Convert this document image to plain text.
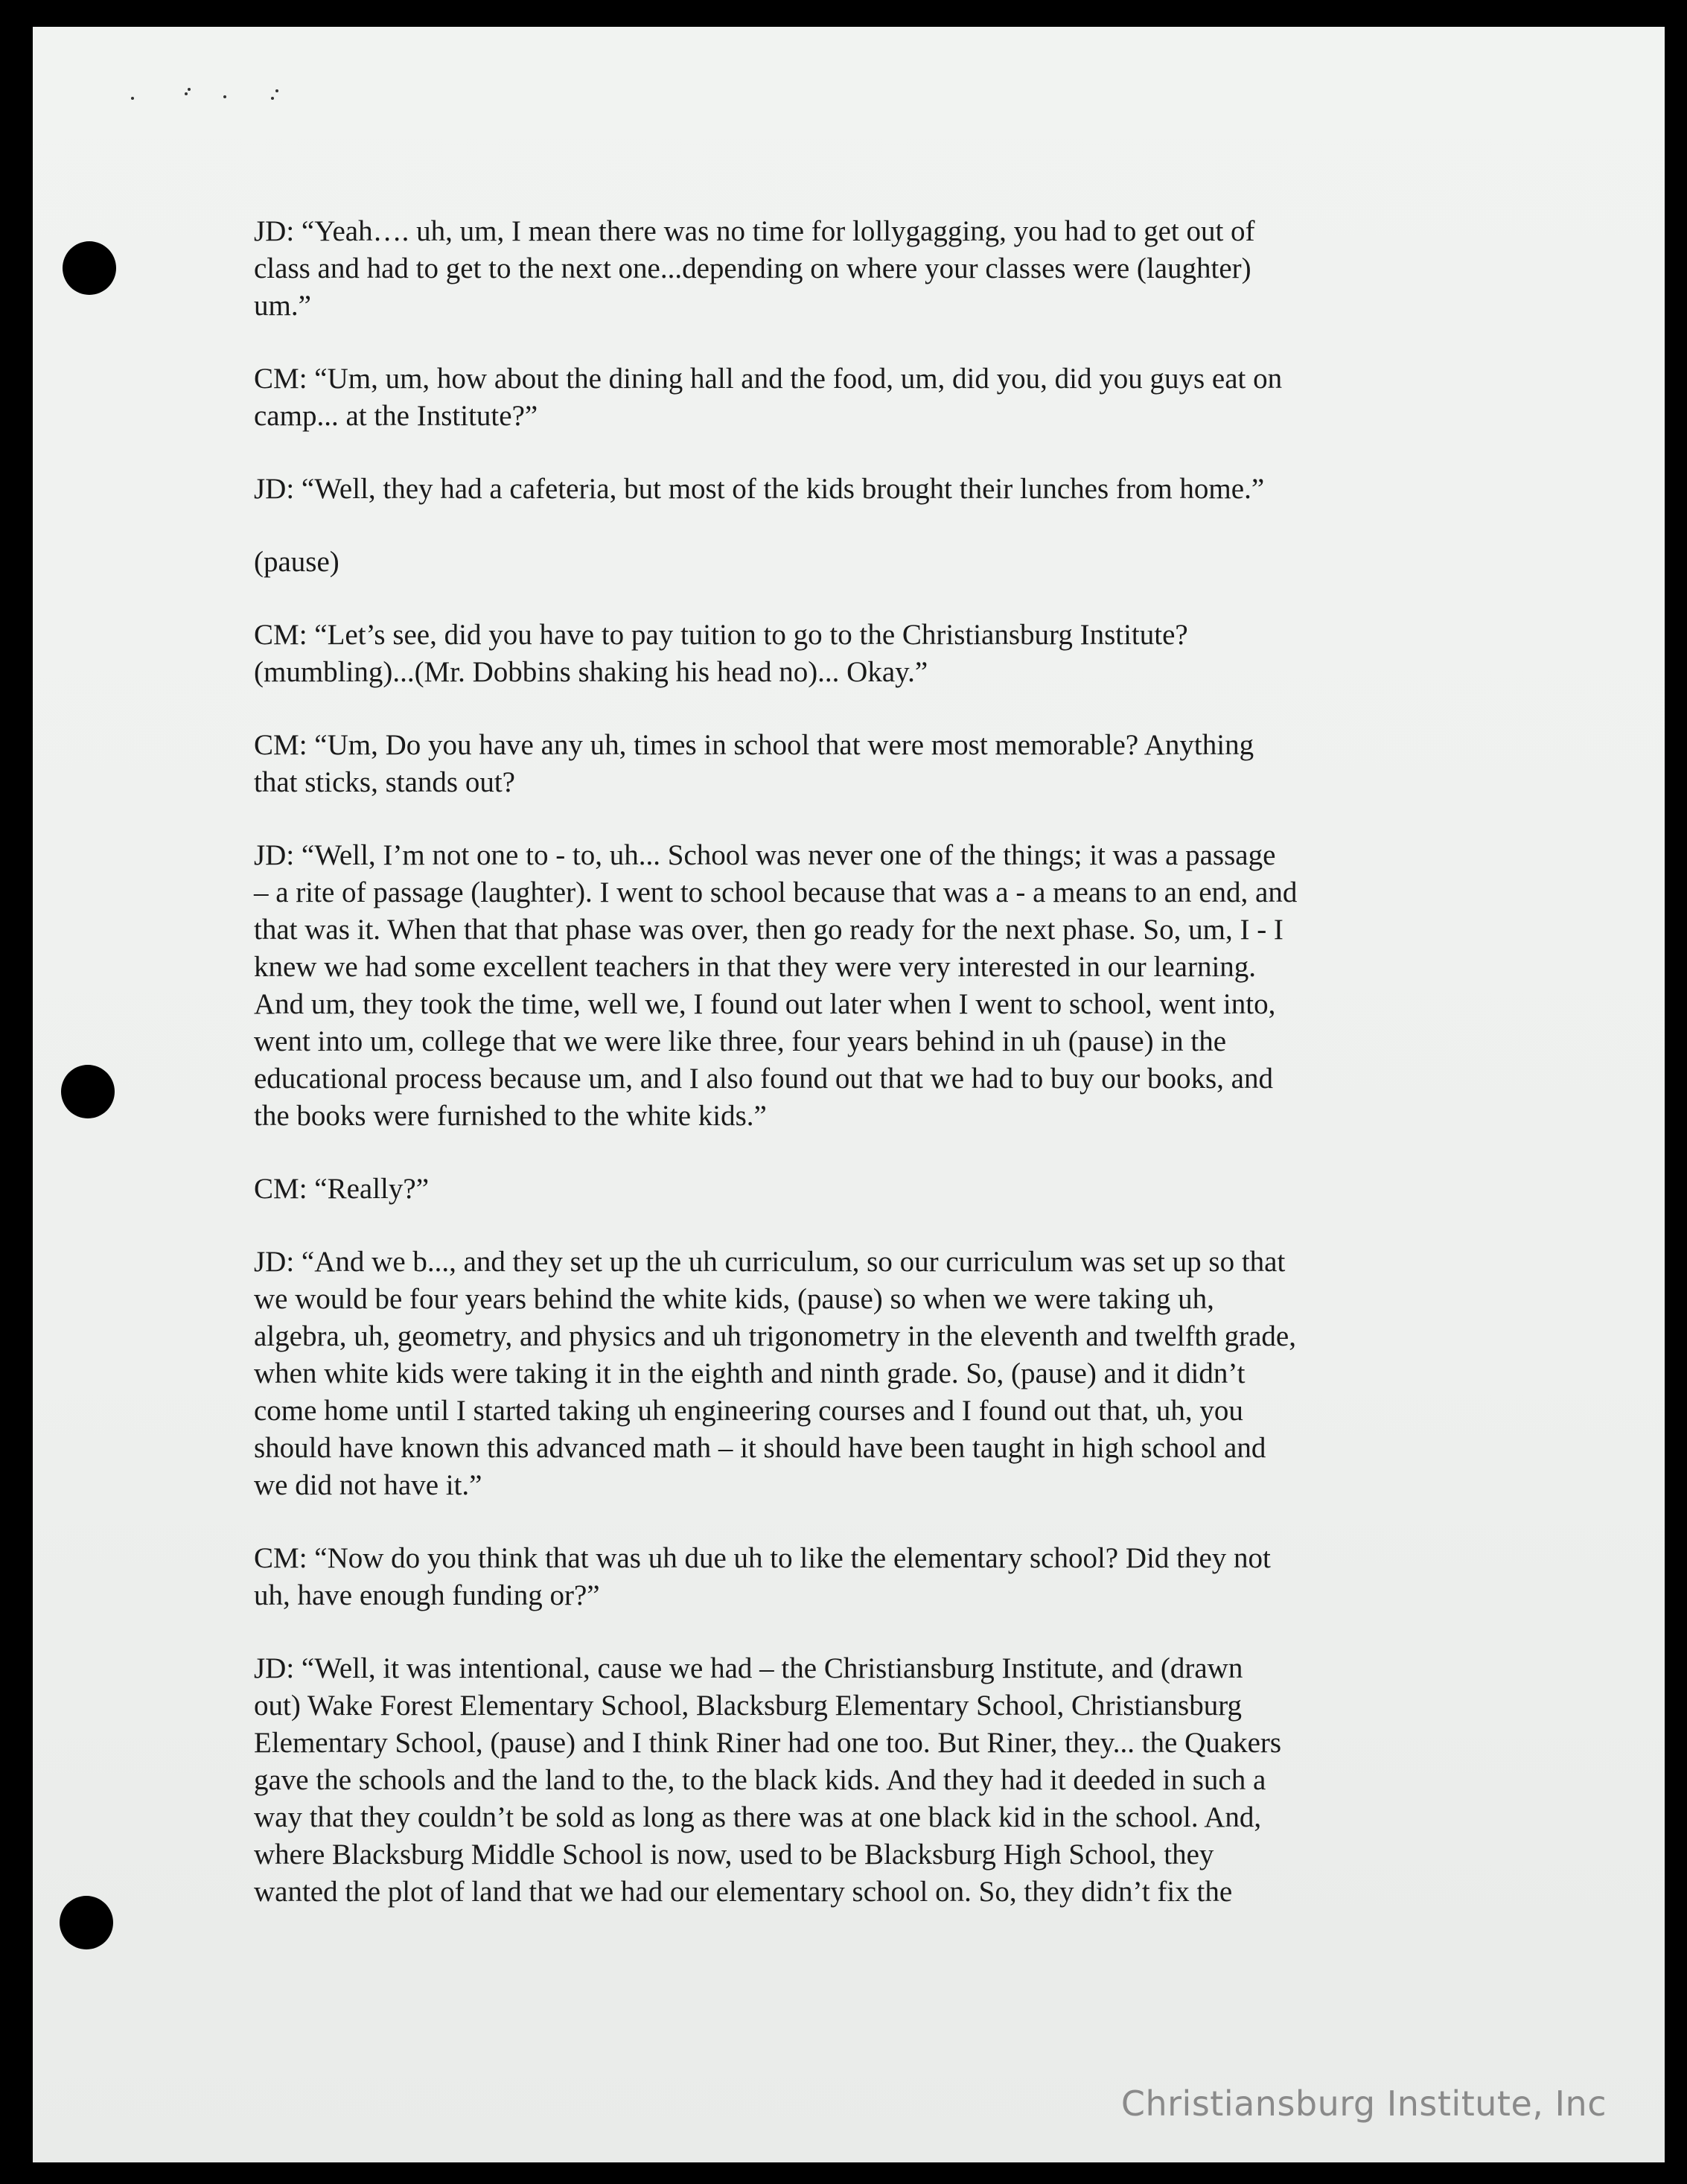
JD: “Yeah…. uh, um, I mean there was no time for lollygagging, you had to get out of
class and had to get to the next one...depending on where your classes were (laughter)
um.”
CM: “Um, um, how about the dining hall and the food, um, did you, did you guys eat on
camp... at the Institute?”
JD: “Well, they had a cafeteria, but most of the kids brought their lunches from home.”
(pause)
CM: “Let’s see, did you have to pay tuition to go to the Christiansburg Institute?
(mumbling)...(Mr. Dobbins shaking his head no)... Okay.”
CM: “Um, Do you have any uh, times in school that were most memorable? Anything
that sticks, stands out?
JD: “Well, I’m not one to - to, uh... School was never one of the things; it was a passage
– a rite of passage (laughter). I went to school because that was a - a means to an end, and
that was it. When that that phase was over, then go ready for the next phase. So, um, I - I
knew we had some excellent teachers in that they were very interested in our learning.
And um, they took the time, well we, I found out later when I went to school, went into,
went into um, college that we were like three, four years behind in uh (pause) in the
educational process because um, and I also found out that we had to buy our books, and
the books were furnished to the white kids.”
CM: “Really?”
JD: “And we b..., and they set up the uh curriculum, so our curriculum was set up so that
we would be four years behind the white kids, (pause) so when we were taking uh,
algebra, uh, geometry, and physics and uh trigonometry in the eleventh and twelfth grade,
when white kids were taking it in the eighth and ninth grade. So, (pause) and it didn’t
come home until I started taking uh engineering courses and I found out that, uh, you
should have known this advanced math – it should have been taught in high school and
we did not have it.”
CM: “Now do you think that was uh due uh to like the elementary school? Did they not
uh, have enough funding or?”
JD: “Well, it was intentional, cause we had – the Christiansburg Institute, and (drawn
out) Wake Forest Elementary School, Blacksburg Elementary School, Christiansburg
Elementary School, (pause) and I think Riner had one too. But Riner, they... the Quakers
gave the schools and the land to the, to the black kids. And they had it deeded in such a
way that they couldn’t be sold as long as there was at one black kid in the school. And,
where Blacksburg Middle School is now, used to be Blacksburg High School, they
wanted the plot of land that we had our elementary school on. So, they didn’t fix the
Christiansburg Institute, Inc
